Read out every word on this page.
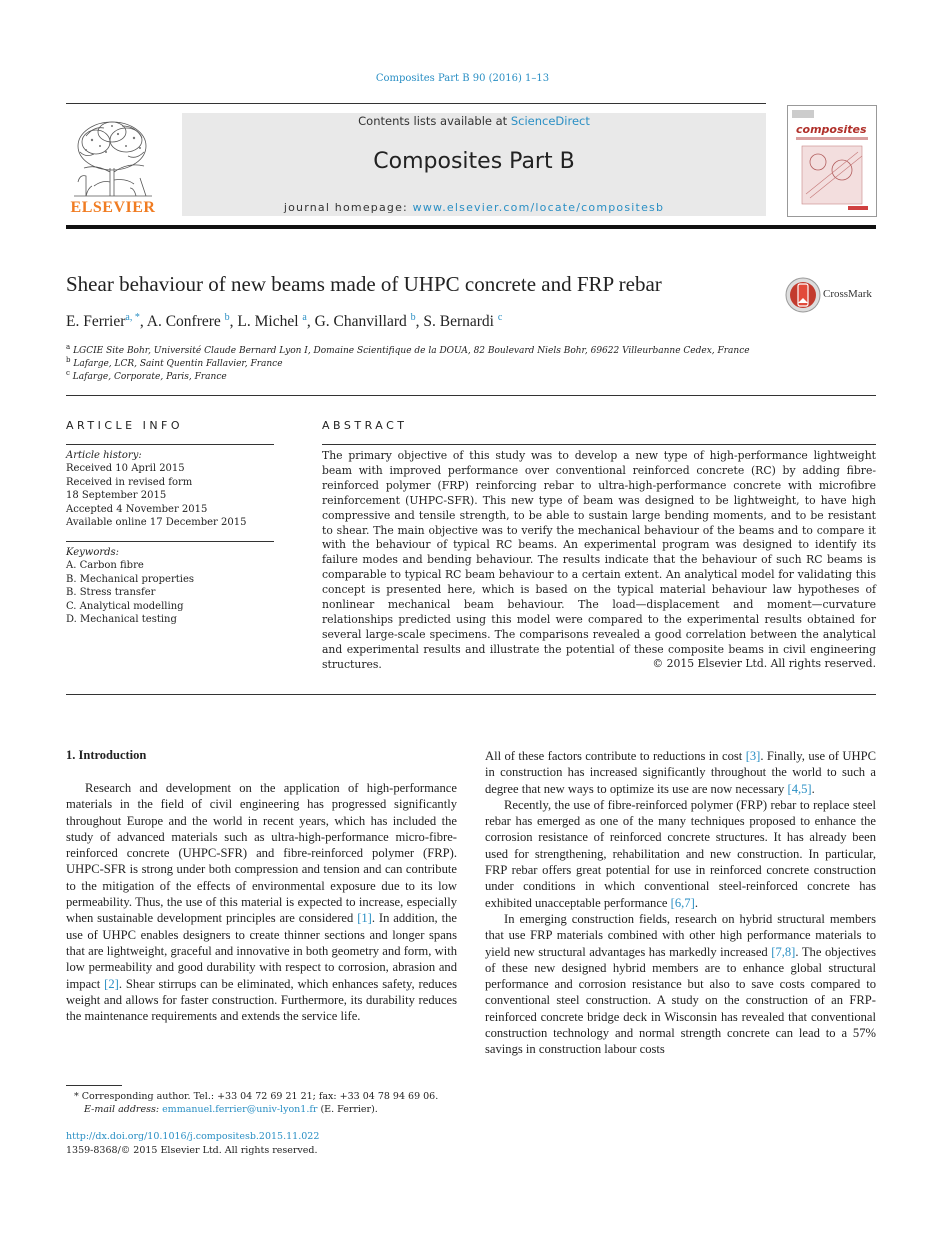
Composites Part B 90 (2016) 1–13
ELSEVIER
Contents lists available at ScienceDirect
Composites Part B
journal homepage: www.elsevier.com/locate/compositesb
composites
Shear behaviour of new beams made of UHPC concrete and FRP rebar	CrossMark
E. Ferrier$^{a, *}$, A. Confrere $^b$, L. Michel $^a$, G. Chanvillard $^b$, S. Bernardi $^c$
$^a$ LGCIE Site Bohr, Université Claude Bernard Lyon I, Domaine Scientifique de la DOUA, 82 Boulevard Niels Bohr, 69622 Villeurbanne Cedex, France
$^b$ Lafarge, LCR, Saint Quentin Fallavier, France
$^c$ Lafarge, Corporate, Paris, France
ARTICLE INFO	ABSTRACT
Article history:
Received 10 April 2015
Received in revised form
18 September 2015
Accepted 4 November 2015
Available online 17 December 2015
Keywords:
A. Carbon fibre
B. Mechanical properties
B. Stress transfer
C. Analytical modelling
D. Mechanical testing
The primary objective of this study was to develop a new type of high-performance lightweight beam with improved performance over conventional reinforced concrete (RC) by adding fibre-reinforced polymer (FRP) reinforcing rebar to ultra-high-performance concrete with microfibre reinforcement (UHPC-SFR). This new type of beam was designed to be lightweight, to have high compressive and tensile strength, to be able to sustain large bending moments, and to be resistant to shear. The main objective was to verify the mechanical behaviour of the beams and to compare it with the behaviour of typical RC beams. An experimental program was designed to identify its failure modes and bending behaviour. The results indicate that the behaviour of such RC beams is comparable to typical RC beam behaviour to a certain extent. An analytical model for validating this concept is presented here, which is based on the typical material behaviour law hypotheses of nonlinear mechanical beam behaviour. The load—displacement and moment—curvature relationships predicted using this model were compared to the experimental results obtained for several large-scale specimens. The comparisons revealed a good correlation between the analytical and experimental results and illustrate the potential of these composite beams in civil engineering structures.	© 2015 Elsevier Ltd. All rights reserved.
1. Introduction

Research and development on the application of high-performance materials in the field of civil engineering has progressed significantly throughout Europe and the world in recent years, which has included the study of advanced materials such as ultra-high-performance micro-fibre-reinforced concrete (UHPC-SFR) and fibre-reinforced polymer (FRP). UHPC-SFR is strong under both compression and tension and can contribute to the mitigation of the effects of environmental exposure due to its low permeability. Thus, the use of this material is expected to increase, especially when sustainable development principles are considered [1]. In addition, the use of UHPC enables designers to create thinner sections and longer spans that are lightweight, graceful and innovative in both geometry and form, with low permeability and good durability with respect to corrosion, abrasion and impact [2]. Shear stirrups can be eliminated, which enhances safety, reduces weight and allows for faster construction. Furthermore, its durability reduces the maintenance requirements and extends the service life.

All of these factors contribute to reductions in cost [3]. Finally, use of UHPC in construction has increased significantly throughout the world to such a degree that new ways to optimize its use are now necessary [4,5].

Recently, the use of fibre-reinforced polymer (FRP) rebar to replace steel rebar has emerged as one of the many techniques proposed to enhance the corrosion resistance of reinforced concrete structures. It has already been used for strengthening, rehabilitation and new construction. In particular, FRP rebar offers great potential for use in reinforced concrete construction under conditions in which conventional steel-reinforced concrete has exhibited unacceptable performance [6,7].

In emerging construction fields, research on hybrid structural members that use FRP materials combined with other high performance materials to yield new structural advantages has markedly increased [7,8]. The objectives of these new designed hybrid members are to enhance global structural performance and corrosion resistance but also to save costs compared to conventional steel construction. A study on the construction of an FRP-reinforced concrete bridge deck in Wisconsin has revealed that conventional construction technology and normal strength concrete can lead to a 57% savings in construction labour costs

* Corresponding author. Tel.: +33 04 72 69 21 21; fax: +33 04 78 94 69 06.
E-mail address: emmanuel.ferrier@univ-lyon1.fr (E. Ferrier).
http://dx.doi.org/10.1016/j.compositesb.2015.11.022
1359-8368/© 2015 Elsevier Ltd. All rights reserved.
